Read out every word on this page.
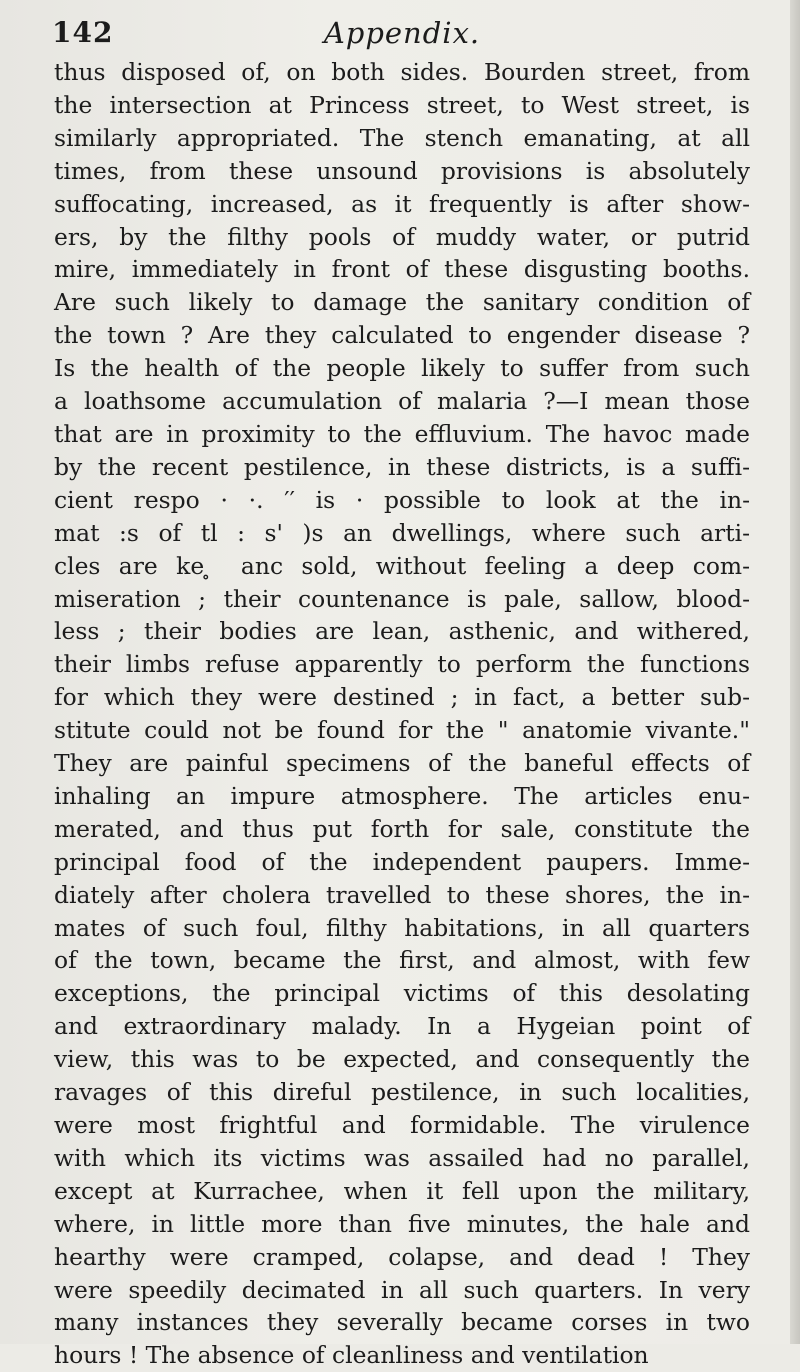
142	Appendix.
thus disposed of, on both sides. Bourden street, from
the intersection at Princess street, to West street, is
similarly appropriated. The stench emanating, at all
times, from these unsound provisions is absolutely
suffocating, increased, as it frequently is after show-
ers, by the filthy pools of muddy water, or putrid
mire, immediately in front of these disgusting booths.
Are such likely to damage the sanitary condition of
the town ? Are they calculated to engender disease ?
Is the health of the people likely to suffer from such
a loathsome accumulation of malaria ?—I mean those
that are in proximity to the effluvium. The havoc made
by the recent pestilence, in these districts, is a suffi-
cient respo · ·. ′′ is · possible to look at the in-
mat :s of tl : s' )s an dwellings, where such arti-
cles are ke ̥ anc sold, without feeling a deep com-
miseration ; their countenance is pale, sallow, blood-
less ; their bodies are lean, asthenic, and withered,
their limbs refuse apparently to perform the functions
for which they were destined ; in fact, a better sub-
stitute could not be found for the " anatomie vivante."
They are painful specimens of the baneful effects of
inhaling an impure atmosphere. The articles enu-
merated, and thus put forth for sale, constitute the
principal food of the independent paupers. Imme-
diately after cholera travelled to these shores, the in-
mates of such foul, filthy habitations, in all quarters
of the town, became the first, and almost, with few
exceptions, the principal victims of this desolating
and extraordinary malady. In a Hygeian point of
view, this was to be expected, and consequently the
ravages of this direful pestilence, in such localities,
were most frightful and formidable. The virulence
with which its victims was assailed had no parallel,
except at Kurrachee, when it fell upon the military,
where, in little more than five minutes, the hale and
hearthy were cramped, colapse, and dead ! They
were speedily decimated in all such quarters. In very
many instances they severally became corses in two
hours ! The absence of cleanliness and ventilation
